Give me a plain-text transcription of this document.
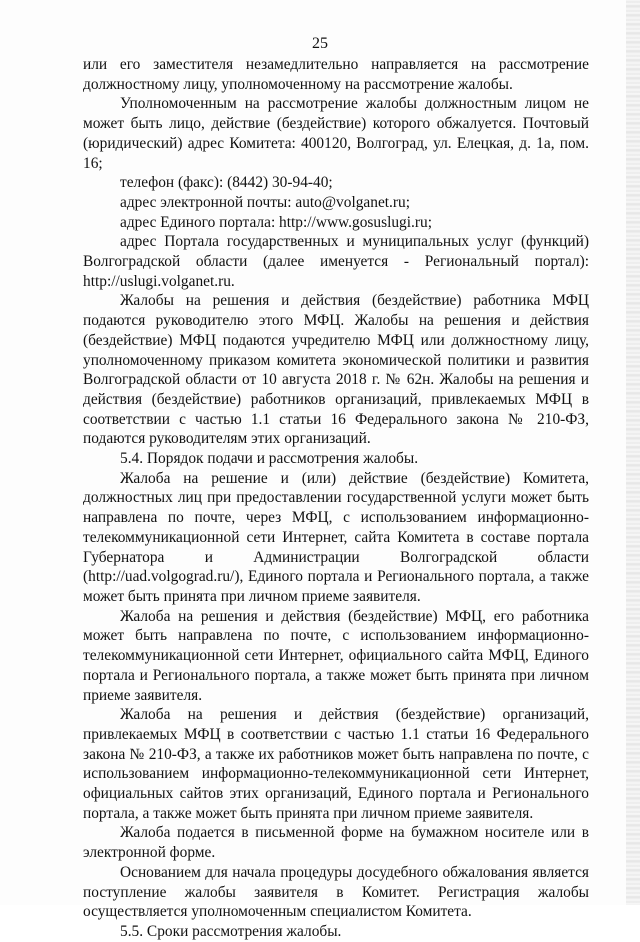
25

или его заместителя незамедлительно направляется на рассмотрение должностному лицу, уполномоченному на рассмотрение жалобы.

Уполномоченным на рассмотрение жалобы должностным лицом не может быть лицо, действие (бездействие) которого обжалуется. Почтовый (юридический) адрес Комитета: 400120, Волгоград, ул. Елецкая, д. 1а, пом. 16;

телефон (факс): (8442) 30-94-40;

адрес электронной почты: auto@volganet.ru;

адрес Единого портала: http://www.gosuslugi.ru;

адрес Портала государственных и муниципальных услуг (функций) Волгоградской области (далее именуется - Региональный портал): http://uslugi.volganet.ru.

Жалобы на решения и действия (бездействие) работника МФЦ подаются руководителю этого МФЦ. Жалобы на решения и действия (бездействие) МФЦ подаются учредителю МФЦ или должностному лицу, уполномоченному приказом комитета экономической политики и развития Волгоградской области от 10 августа 2018 г. № 62н. Жалобы на решения и действия (бездействие) работников организаций, привлекаемых МФЦ в соответствии с частью 1.1 статьи 16 Федерального закона № 210-ФЗ, подаются руководителям этих организаций.

5.4. Порядок подачи и рассмотрения жалобы.

Жалоба на решение и (или) действие (бездействие) Комитета, должностных лиц при предоставлении государственной услуги может быть направлена по почте, через МФЦ, с использованием информационно-телекоммуникационной сети Интернет, сайта Комитета в составе портала Губернатора и Администрации Волгоградской области (http://uad.volgograd.ru/), Единого портала и Регионального портала, а также может быть принята при личном приеме заявителя.

Жалоба на решения и действия (бездействие) МФЦ, его работника может быть направлена по почте, с использованием информационно-телекоммуникационной сети Интернет, официального сайта МФЦ, Единого портала и Регионального портала, а также может быть принята при личном приеме заявителя.

Жалоба на решения и действия (бездействие) организаций, привлекаемых МФЦ в соответствии с частью 1.1 статьи 16 Федерального закона № 210-ФЗ, а также их работников может быть направлена по почте, с использованием информационно-телекоммуникационной сети Интернет, официальных сайтов этих организаций, Единого портала и Регионального портала, а также может быть принята при личном приеме заявителя.

Жалоба подается в письменной форме на бумажном носителе или в электронной форме.

Основанием для начала процедуры досудебного обжалования является поступление жалобы заявителя в Комитет. Регистрация жалобы осуществляется уполномоченным специалистом Комитета.

5.5. Сроки рассмотрения жалобы.
